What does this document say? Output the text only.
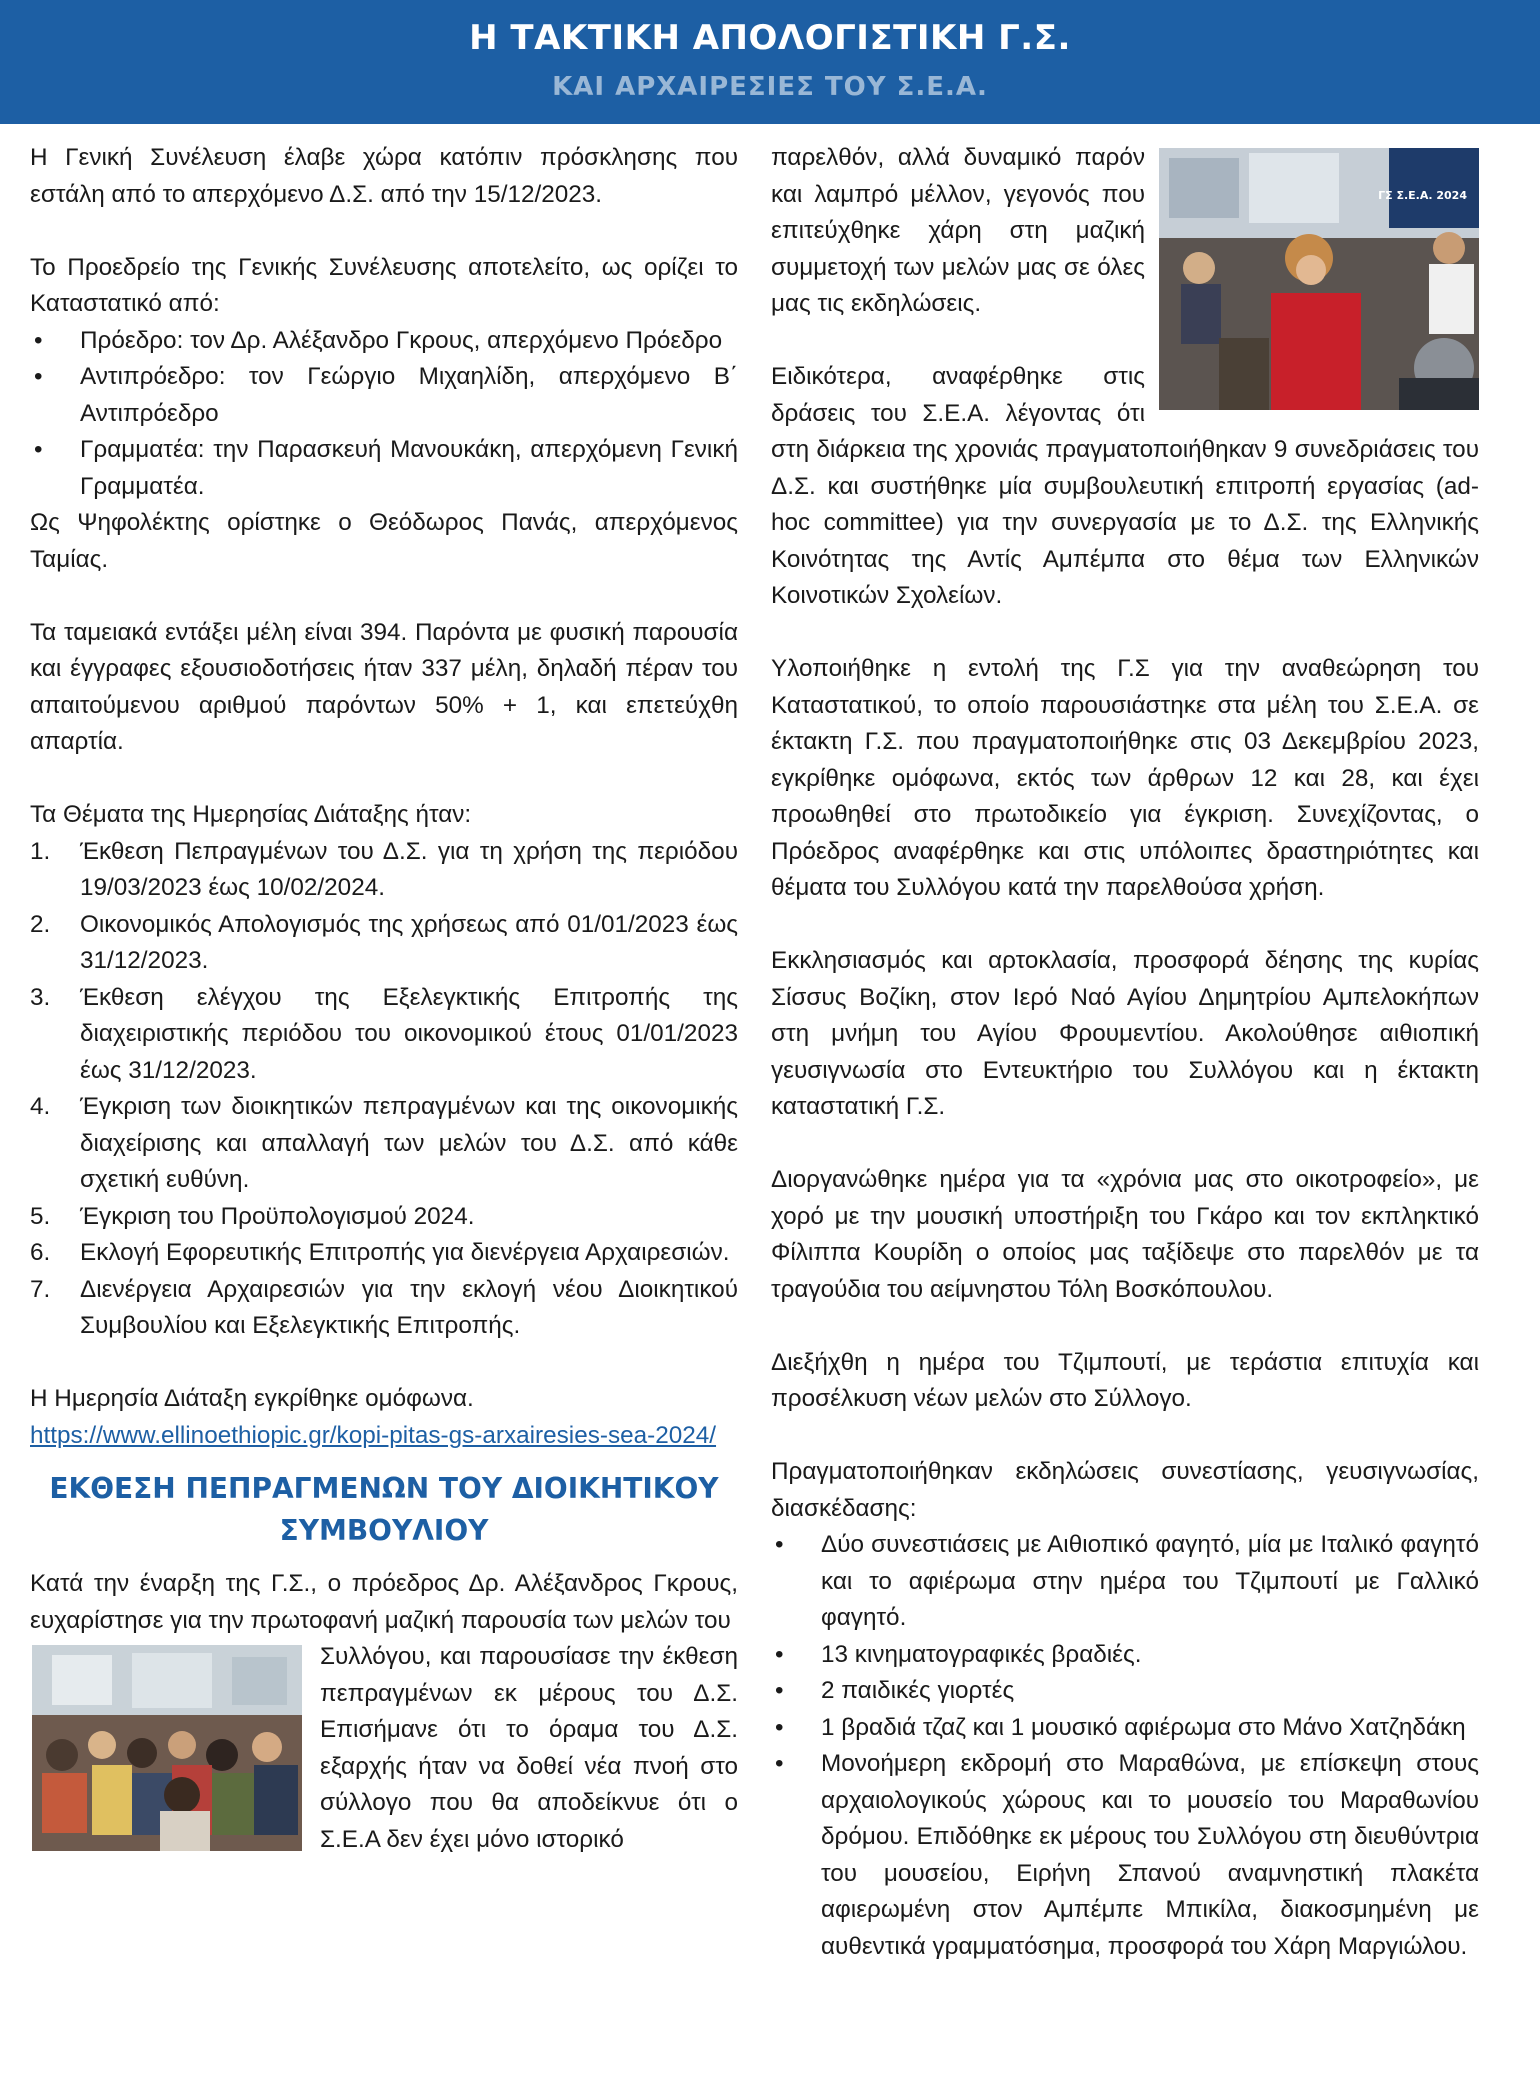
Η ΤΑΚΤΙΚΗ ΑΠΟΛΟΓΙΣΤΙΚΗ Γ.Σ.
ΚΑΙ ΑΡΧΑΙΡΕΣΙΕΣ ΤΟΥ Σ.Ε.Α.

Η Γενική Συνέλευση έλαβε χώρα κατόπιν πρόσκλησης που εστάλη από το απερχόμενο Δ.Σ. από την 15/12/2023.

Το Προεδρείο της Γενικής Συνέλευσης αποτελείτο, ως ορίζει το Καταστατικό από:

• Πρόεδρο: τον Δρ. Αλέξανδρο Γκρους, απερχόμενο Πρόεδρο
• Αντιπρόεδρο: τον Γεώργιο Μιχαηλίδη, απερχόμενο Β΄ Αντιπρόεδρο
• Γραμματέα: την Παρασκευή Μανουκάκη, απερχόμενη Γενική Γραμματέα.

Ως Ψηφολέκτης ορίστηκε ο Θεόδωρος Πανάς, απερχόμενος Ταμίας.

Τα ταμειακά εντάξει μέλη είναι 394. Παρόντα με φυσική παρουσία και έγγραφες εξουσιοδοτήσεις ήταν 337 μέλη, δηλαδή πέραν του απαιτούμενου αριθμού παρόντων 50% + 1, και επετεύχθη απαρτία.

Τα Θέματα της Ημερησίας Διάταξης ήταν:

1. Έκθεση Πεπραγμένων του Δ.Σ. για τη χρήση της περιόδου 19/03/2023 έως 10/02/2024.
2. Οικονομικός Απολογισμός της χρήσεως από 01/01/2023 έως 31/12/2023.
3. Έκθεση ελέγχου της Εξελεγκτικής Επιτροπής της διαχειριστικής περιόδου του οικονομικού έτους 01/01/2023 έως 31/12/2023.
4. Έγκριση των διοικητικών πεπραγμένων και της οικονομικής διαχείρισης και απαλλαγή των μελών του Δ.Σ. από κάθε σχετική ευθύνη.
5. Έγκριση του Προϋπολογισμού 2024.
6. Εκλογή Εφορευτικής Επιτροπής για διενέργεια Αρχαιρεσιών.
7. Διενέργεια Αρχαιρεσιών για την εκλογή νέου Διοικητικού Συμβουλίου και Εξελεγκτικής Επιτροπής.

Η Ημερησία Διάταξη εγκρίθηκε ομόφωνα.

https://www.ellinoethiopic.gr/kopi-pitas-gs-arxairesies-sea-2024/

ΕΚΘΕΣΗ ΠΕΠΡΑΓΜΕΝΩΝ ΤΟΥ ΔΙΟΙΚΗΤΙΚΟΥ ΣΥΜΒΟΥΛΙΟΥ

Κατά την έναρξη της Γ.Σ., ο πρόεδρος Δρ. Αλέξανδρος Γκρους, ευχαρίστησε για την πρωτοφανή μαζική παρουσία των μελών του

Συλλόγου, και παρουσίασε την έκθεση πεπραγμένων εκ μέρους του Δ.Σ. Επισήμανε ότι το όραμα του Δ.Σ. εξαρχής ήταν να δοθεί νέα πνοή στο σύλλογο που θα αποδείκνυε ότι ο Σ.Ε.Α δεν έχει μόνο ιστορικό

ΓΣ Σ.Ε.Α. 2024

παρελθόν, αλλά δυναμικό παρόν και λαμπρό μέλλον, γεγονός που επιτεύχθηκε χάρη στη μαζική συμμετοχή των μελών μας σε όλες μας τις εκδηλώσεις.

Ειδικότερα, αναφέρθηκε στις δράσεις του Σ.Ε.Α. λέγοντας ότι στη διάρκεια της χρονιάς πραγματοποιήθηκαν 9 συνεδριάσεις του Δ.Σ. και συστήθηκε μία συμβουλευτική επιτροπή εργασίας (ad-hoc committee) για την συνεργασία με το Δ.Σ. της Ελληνικής Κοινότητας της Αντίς Αμπέμπα στο θέμα των Ελληνικών Κοινοτικών Σχολείων.

Υλοποιήθηκε η εντολή της Γ.Σ για την αναθεώρηση του Καταστατικού, το οποίο παρουσιάστηκε στα μέλη του Σ.Ε.Α. σε έκτακτη Γ.Σ. που πραγματοποιήθηκε στις 03 Δεκεμβρίου 2023, εγκρίθηκε ομόφωνα, εκτός των άρθρων 12 και 28, και έχει προωθηθεί στο πρωτοδικείο για έγκριση. Συνεχίζοντας, ο Πρόεδρος αναφέρθηκε και στις υπόλοιπες δραστηριότητες και θέματα του Συλλόγου κατά την παρελθούσα χρήση.

Εκκλησιασμός και αρτοκλασία, προσφορά δέησης της κυρίας Σίσσυς Βοζίκη, στον Ιερό Ναό Αγίου Δημητρίου Αμπελοκήπων στη μνήμη του Αγίου Φρουμεντίου. Ακολούθησε αιθιοπική γευσιγνωσία στο Εντευκτήριο του Συλλόγου και η έκτακτη καταστατική Γ.Σ.

Διοργανώθηκε ημέρα για τα «χρόνια μας στο οικοτροφείο», με χορό με την μουσική υποστήριξη του Γκάρο και τον εκπληκτικό Φίλιππα Κουρίδη ο οποίος μας ταξίδεψε στο παρελθόν με τα τραγούδια του αείμνηστου Τόλη Βοσκόπουλου.

Διεξήχθη η ημέρα του Τζιμπουτί, με τεράστια επιτυχία και προσέλκυση νέων μελών στο Σύλλογο.

Πραγματοποιήθηκαν εκδηλώσεις συνεστίασης, γευσιγνωσίας, διασκέδασης:

• Δύο συνεστιάσεις με Αιθιοπικό φαγητό, μία με Ιταλικό φαγητό και το αφιέρωμα στην ημέρα του Τζιμπουτί με Γαλλικό φαγητό.
• 13 κινηματογραφικές βραδιές.
• 2 παιδικές γιορτές
• 1 βραδιά τζαζ και 1 μουσικό αφιέρωμα στο Μάνο Χατζηδάκη
• Μονοήμερη εκδρομή στο Μαραθώνα, με επίσκεψη στους αρχαιολογικούς χώρους και το μουσείο του Μαραθωνίου δρόμου. Επιδόθηκε εκ μέρους του Συλλόγου στη διευθύντρια του μουσείου, Ειρήνη Σπανού αναμνηστική πλακέτα αφιερωμένη στον Αμπέμπε Μπικίλα, διακοσμημένη με αυθεντικά γραμματόσημα, προσφορά του Χάρη Μαργιώλου.
